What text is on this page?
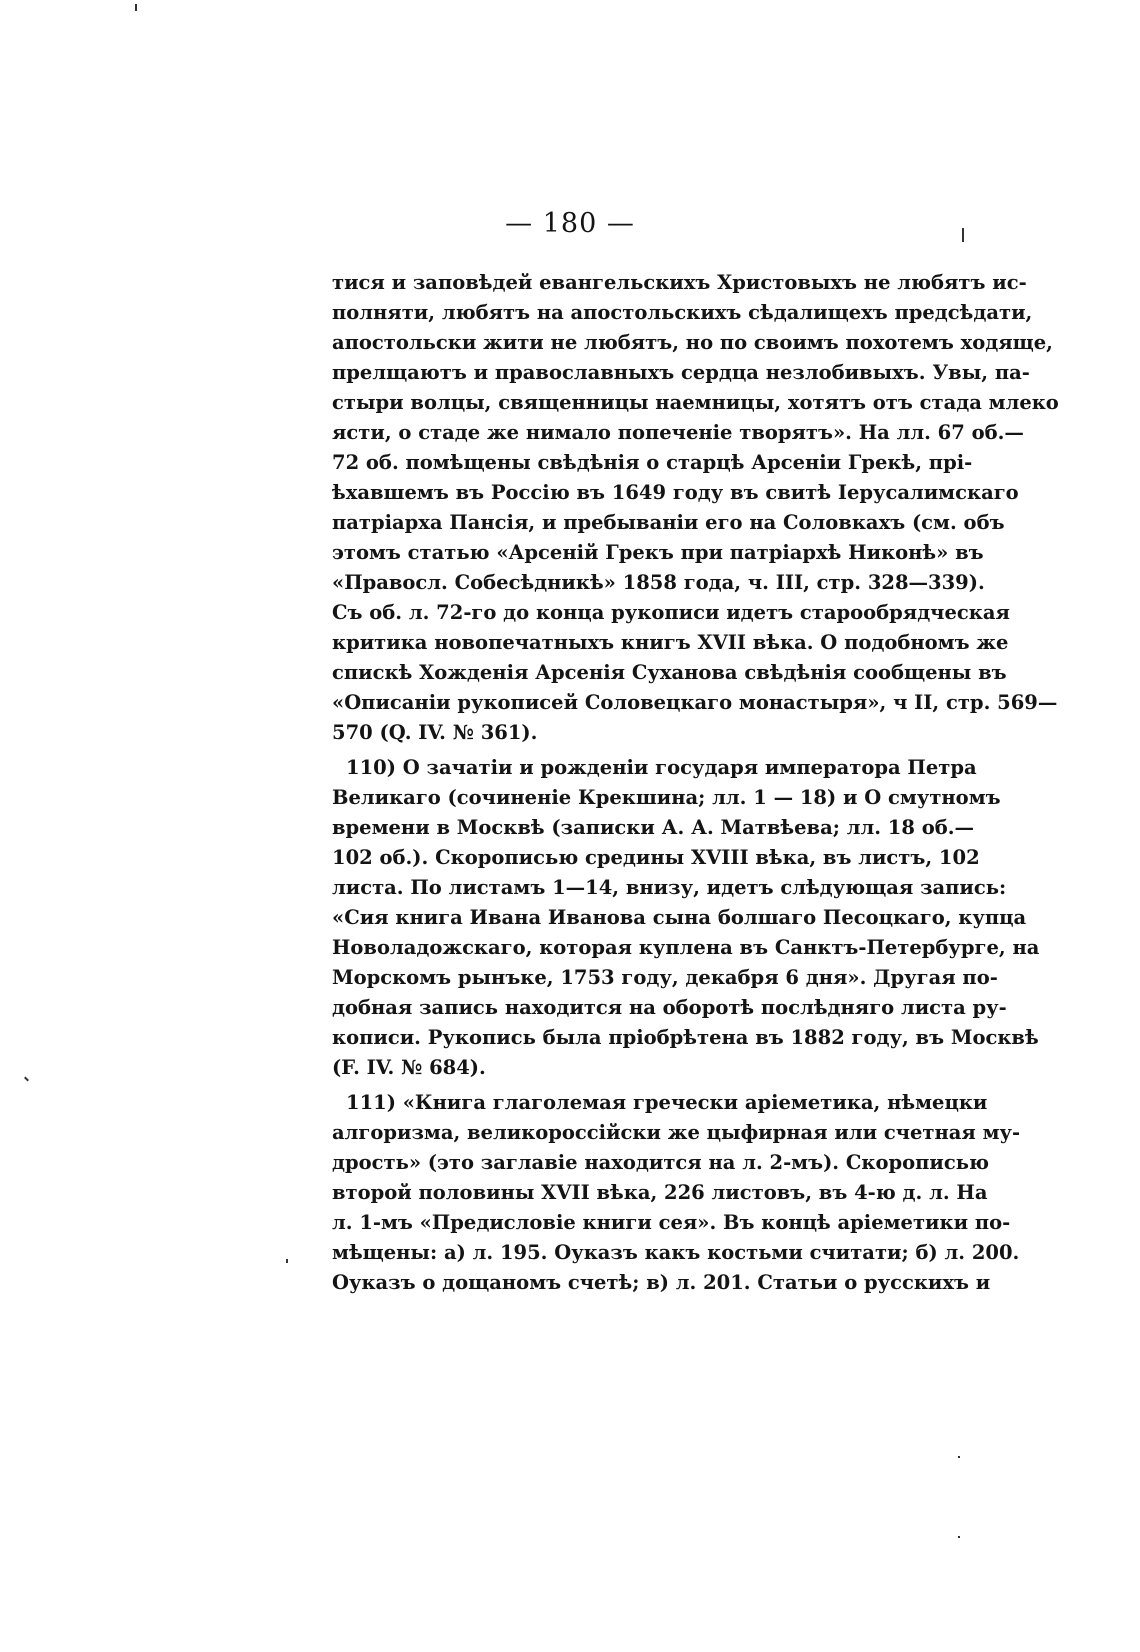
— 180 —
тися и заповѣдей евангельскихъ Христовыхъ не любятъ ис-
полняти, любятъ на апостольскихъ сѣдалищехъ предсѣдати,
апостольски жити не любятъ, но по своимъ похотемъ ходяще,
прелщаютъ и православныхъ сердца незлобивыхъ. Увы, па-
стыри волцы, священницы наемницы, хотятъ отъ стада млеко
ясти, о стаде же нимало попеченіе творятъ». На лл. 67 об.—
72 об. помѣщены свѣдѣнія о старцѣ Арсеніи Грекѣ, прі-
ѣхавшемъ въ Россію въ 1649 году въ свитѣ Іерусалимскаго
патріарха Пансія, и пребываніи его на Соловкахъ (см. объ
этомъ статью «Арсеній Грекъ при патріархѣ Никонѣ» въ
«Правосл. Собесѣдникѣ» 1858 года, ч. III, стр. 328—339).
Съ об. л. 72-го до конца рукописи идетъ старообрядческая
критика новопечатныхъ книгъ XVII вѣка. О подобномъ же
спискѣ Хожденія Арсенія Суханова свѣдѣнія сообщены въ
«Описаніи рукописей Соловецкаго монастыря», ч II, стр. 569—
570 (Q. IV. № 361).
110) О зачатіи и рожденіи государя императора Петра
Великаго (сочиненіе Крекшина; лл. 1 — 18) и О смутномъ
времени в Москвѣ (записки А. А. Матвѣева; лл. 18 об.—
102 об.). Скорописью средины XVIII вѣка, въ листъ, 102
листа. По листамъ 1—14, внизу, идетъ слѣдующая запись:
«Сия книга Ивана Иванова сына болшаго Песоцкаго, купца
Новоладожскаго, которая куплена въ Санктъ-Петербурге, на
Морскомъ рынъке, 1753 году, декабря 6 дня». Другая по-
добная запись находится на оборотѣ послѣдняго листа ру-
кописи. Рукопись была пріобрѣтена въ 1882 году, въ Москвѣ
(F. IV. № 684).
111) «Книга глаголемая гречески арiеметика, нѣмецки
алгоризма, великороссійски же цыфирная или счетная му-
дрость» (это заглавіе находится на л. 2-мъ). Скорописью
второй половины XVII вѣка, 226 листовъ, въ 4-ю д. л. На
л. 1-мъ «Предисловіе книги сея». Въ концѣ арiеметики по-
мѣщены: а) л. 195. Оуказъ какъ костьми считати; б) л. 200.
Оуказъ о дощаномъ счетѣ; в) л. 201. Статьи о русскихъ и
